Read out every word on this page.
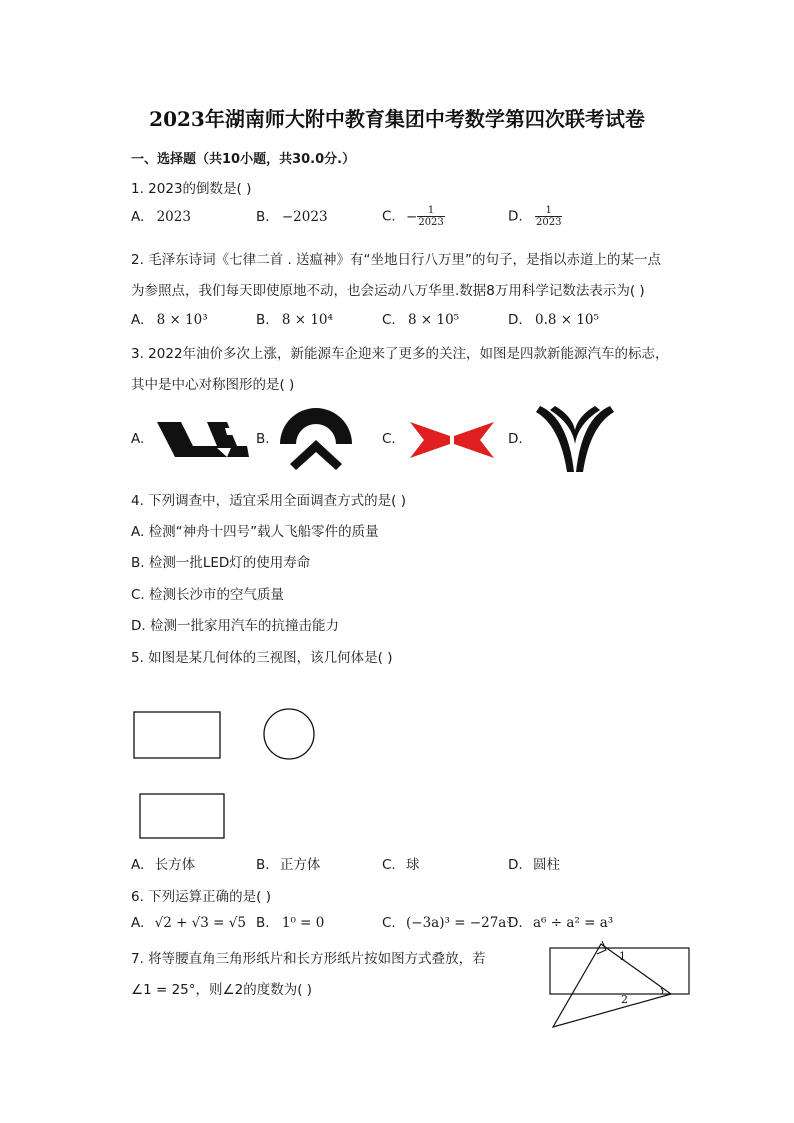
2023年湖南师大附中教育集团中考数学第四次联考试卷
一、选择题（共10小题，共30.0分.）
1. 2023的倒数是( )
A. 2023	B. −2023	C. − $\frac{1}{2023}$	D. $\frac{1}{2023}$
2. 毛泽东诗词《七律二首 . 送瘟神》有“坐地日行八万里”的句子，是指以赤道上的某一点
为参照点，我们每天即使原地不动，也会运动八万华里.数据8万用科学记数法表示为( )
A. 8 × 10³	B. 8 × 10⁴	C. 8 × 10⁵	D. 0.8 × 10⁵
3. 2022年油价多次上涨，新能源车企迎来了更多的关注，如图是四款新能源汽车的标志，
其中是中心对称图形的是( )
A.	B.	C.	D.
4. 下列调查中，适宜采用全面调查方式的是( )
A. 检测“神舟十四号”载人飞船零件的质量
B. 检测一批LED灯的使用寿命
C. 检测长沙市的空气质量
D. 检测一批家用汽车的抗撞击能力
5. 如图是某几何体的三视图，该几何体是( )
A. 长方体	B. 正方体	C. 球	D. 圆柱
6. 下列运算正确的是( )
A. √2 + √3 = √5 B. 1⁰ = 0	C. (−3a)³ = −27a³
D. a⁶ ÷ a² = a³
7. 将等腰直角三角形纸片和长方形纸片按如图方式叠放，若
∠1 = 25°，则∠2的度数为( )
1
2
